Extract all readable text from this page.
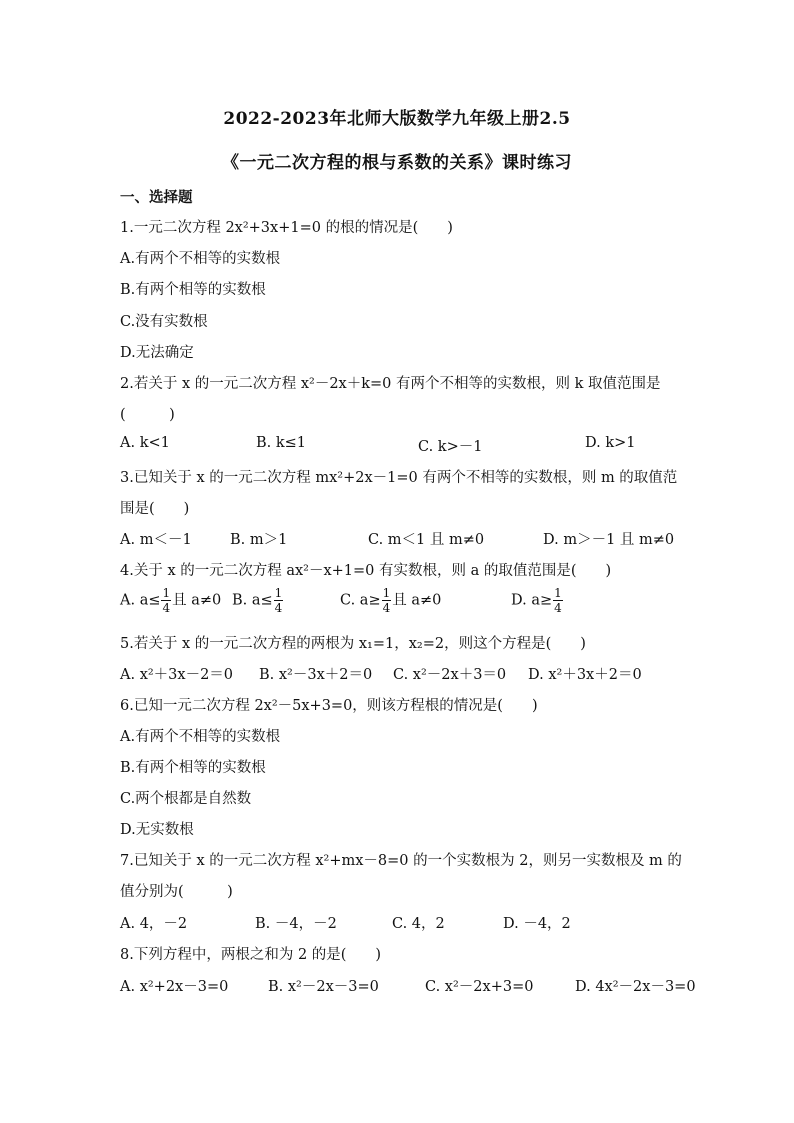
2022-2023年北师大版数学九年级上册2.5
《一元二次方程的根与系数的关系》课时练习
一、选择题
1.一元二次方程 2x²+3x+1=0 的根的情况是(　　)
A.有两个不相等的实数根
B.有两个相等的实数根
C.没有实数根
D.无法确定
2.若关于 x 的一元二次方程 x²－2x＋k=0 有两个不相等的实数根，则 k 取值范围是
(　　　)
A. k<1	B. k≤1	C. k>－1	D. k>1
3.已知关于 x 的一元二次方程 mx²+2x－1=0 有两个不相等的实数根，则 m 的取值范
围是(　　)
A. m＜－1	B. m＞1	C. m＜1 且 m≠0	D. m＞－1 且 m≠0
4.关于 x 的一元二次方程 ax²－x+1=0 有实数根，则 a 的取值范围是(　　)
A. $a\le \frac{1}{4}$ 且 a≠0 B. $a\le \frac{1}{4}$	C. $a\ge \frac{1}{4}$ 且 a≠0	D. $a\ge \frac{1}{4}$
5.若关于 x 的一元二次方程的两根为 x₁=1，x₂=2，则这个方程是(　　)
A. x²＋3x－2＝0 B. x²－3x＋2＝0 C. x²－2x＋3＝0 D. x²＋3x＋2＝0
6.已知一元二次方程 2x²－5x+3=0，则该方程根的情况是(　　)
A.有两个不相等的实数根
B.有两个相等的实数根
C.两个根都是自然数
D.无实数根
7.已知关于 x 的一元二次方程 x²+mx－8=0 的一个实数根为 2，则另一实数根及 m 的
值分别为(　　　)
A. 4，－2	B. －4，－2	C. 4，2	D. －4，2
8.下列方程中，两根之和为 2 的是(　　)
A. x²+2x－3=0	B. x²－2x－3=0	C. x²－2x+3=0	D. 4x²－2x－3=0
